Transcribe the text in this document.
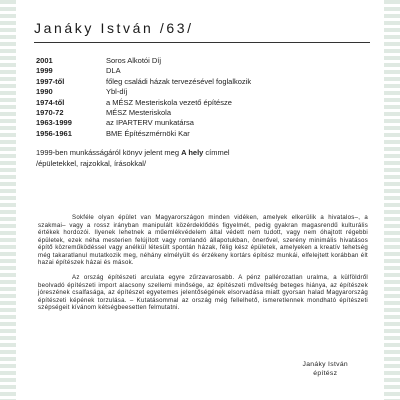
Janáky István /63/
2001	Soros Alkotói Díj
1999	DLA
1997-től	főleg családi házak tervezésével foglalkozik
1990	Ybl-díj
1974-től	a MÉSZ Mesteriskola vezető építésze
1970-72	MÉSZ Mesteriskola
1963-1999	az IPARTERV munkatársa
1956-1961	BME Építészmérnöki Kar
1999-ben munkásságáról könyv jelent meg A hely címmel
/épületekkel, rajzokkal, írásokkal/

Sokféle olyan épület van Magyarországon minden vidéken, amelyek elkerülik a hivatalos–, a szakmai– vagy a rossz irányban manipulált közérdeklődés figyelmét, pedig gyakran magasrendű kulturális értékek hordozói. Ilyenek lehetnek a műemlékvédelem által védett nem tudott, vagy nem óhajtott régebbi épületek, ezek néha mesterien felújított vagy romlandó állapotukban, önerővel, szerény minimális hivatásos építő közreműködéssel vagy anélkül létesült spontán házak, félig kész épületek, amelyeken a kreatív tehetség még takaratlanul mutatkozik meg, néhány elmélyült és érzékeny kortárs építész munkái, elfelejtett korábban élt hazai építészek házai és mások.

Az ország építészeti arculata egyre zűrzavarosabb. A pénz pallérozatlan uralma, a külföldről beolvadó építészeti import alacsony szellemi minősége, az építészeti műveltség beteges hiánya, az építészek jóreszének csalfasága, az építészet egyetemes jelentőségének elsorvadása miatt gyorsan halad Magyarország építészeti képének torzulása. – Kutatásommal az ország még fellelhető, ismeretlennek mondható építészeti szépségeit kívánom kétségbeesetten felmutatni.

Janáky István
építész
